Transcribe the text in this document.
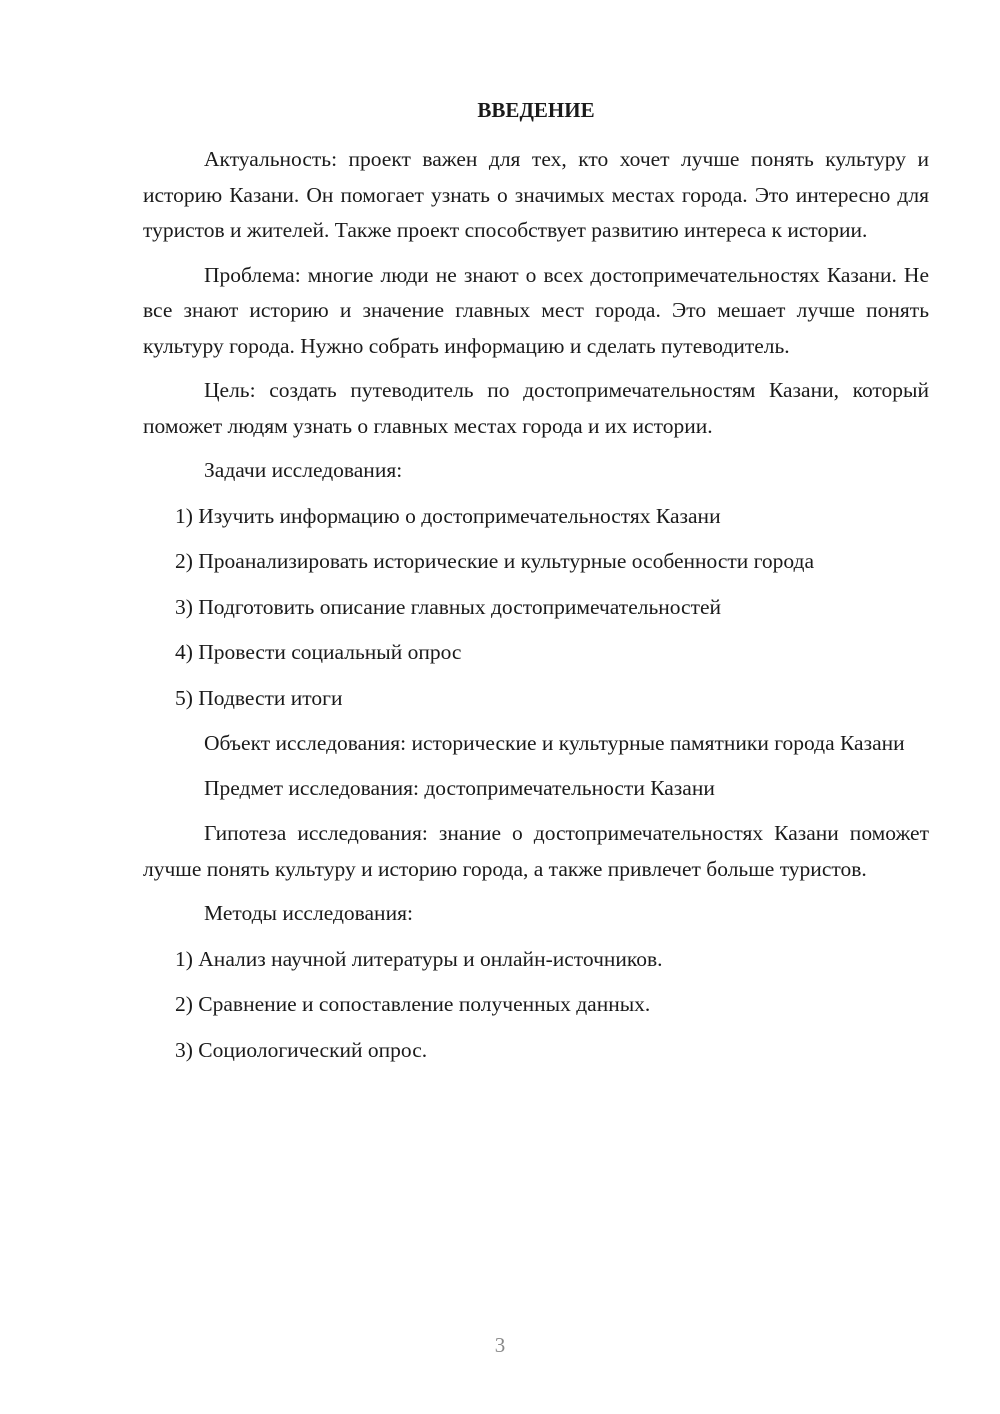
ВВЕДЕНИЕ

Актуальность: проект важен для тех, кто хочет лучше понять культуру и историю Казани. Он помогает узнать о значимых местах города. Это интересно для туристов и жителей. Также проект способствует развитию интереса к истории.

Проблема: многие люди не знают о всех достопримечательностях Казани. Не все знают историю и значение главных мест города. Это мешает лучше понять культуру города. Нужно собрать информацию и сделать путеводитель.

Цель: создать путеводитель по достопримечательностям Казани, который поможет людям узнать о главных местах города и их истории.

Задачи исследования:

1) Изучить информацию о достопримечательностях Казани
2) Проанализировать исторические и культурные особенности города
3) Подготовить описание главных достопримечательностей
4) Провести социальный опрос
5) Подвести итоги

Объект исследования: исторические и культурные памятники города Казани

Предмет исследования: достопримечательности Казани

Гипотеза исследования: знание о достопримечательностях Казани поможет лучше понять культуру и историю города, а также привлечет больше туристов.

Методы исследования:

1) Анализ научной литературы и онлайн-источников.
2) Сравнение и сопоставление полученных данных.
3) Социологический опрос.
3
